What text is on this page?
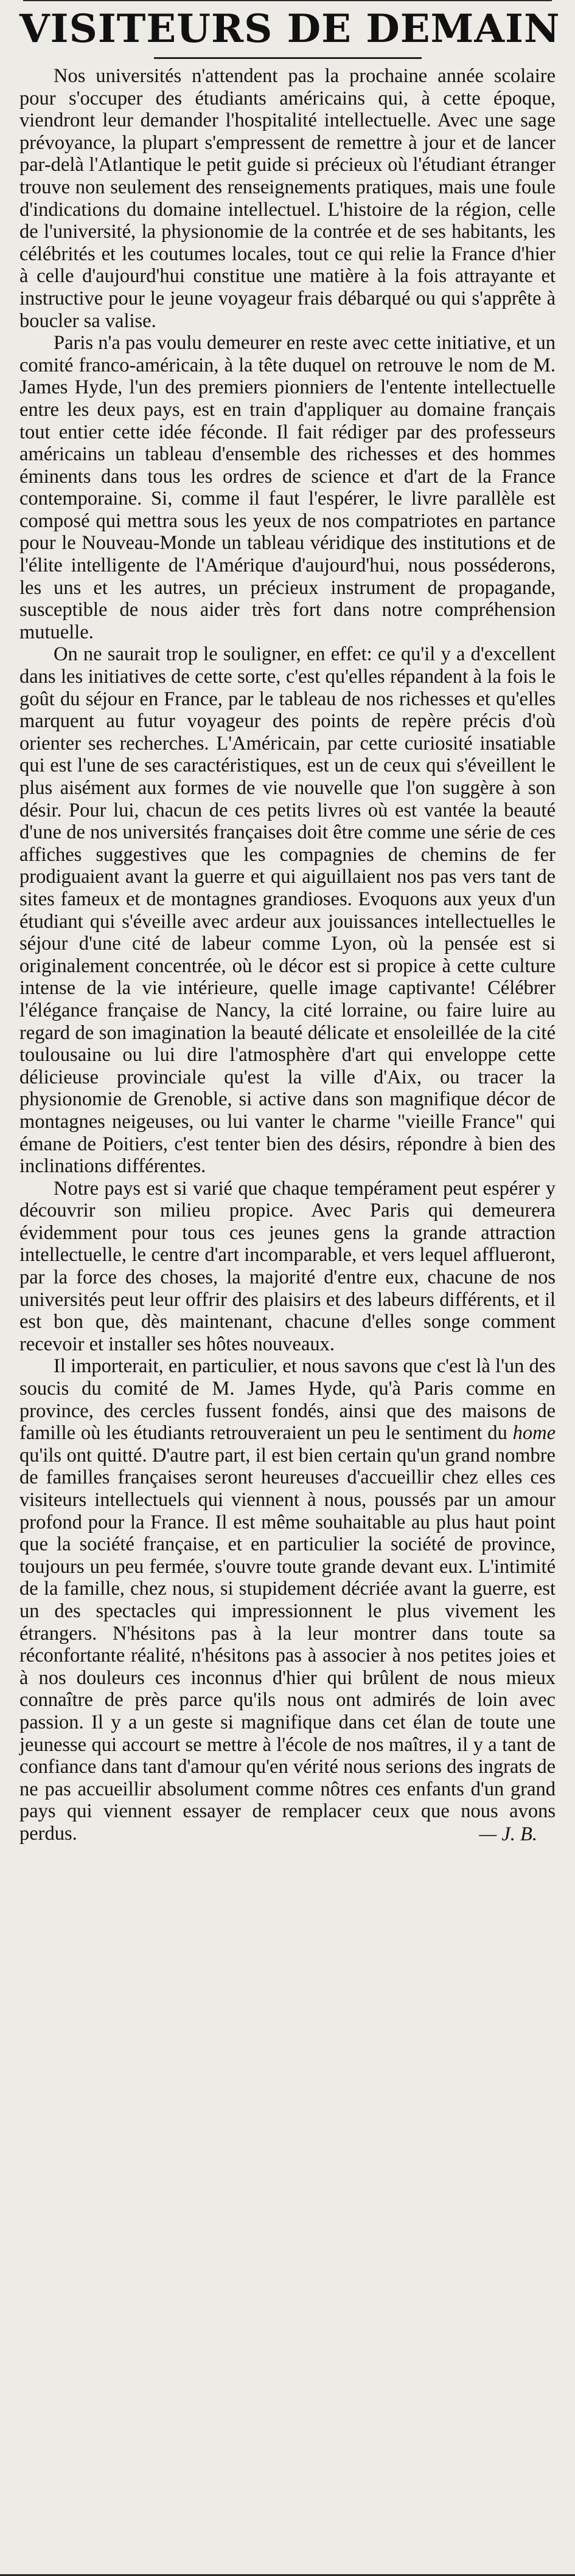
VISITEURS DE DEMAIN

Nos universités n'attendent pas la prochaine année scolaire pour s'occuper des étudiants américains qui, à cette époque, viendront leur demander l'hospitalité intellectuelle. Avec une sage prévoyance, la plupart s'empressent de remettre à jour et de lancer par-delà l'Atlantique le petit guide si précieux où l'étudiant étranger trouve non seulement des renseignements pratiques, mais une foule d'indications du domaine intellectuel. L'histoire de la région, celle de l'université, la physionomie de la contrée et de ses habitants, les célébrités et les coutumes locales, tout ce qui relie la France d'hier à celle d'aujourd'hui constitue une matière à la fois attrayante et instructive pour le jeune voyageur frais débarqué ou qui s'apprête à boucler sa valise.

Paris n'a pas voulu demeurer en reste avec cette initiative, et un comité franco-américain, à la tête duquel on retrouve le nom de M. James Hyde, l'un des premiers pionniers de l'entente intellectuelle entre les deux pays, est en train d'appliquer au domaine français tout entier cette idée féconde. Il fait rédiger par des professeurs américains un tableau d'ensemble des richesses et des hommes éminents dans tous les ordres de science et d'art de la France contemporaine. Si, comme il faut l'espérer, le livre parallèle est composé qui mettra sous les yeux de nos compatriotes en partance pour le Nouveau-Monde un tableau véridique des institutions et de l'élite intelligente de l'Amérique d'aujourd'hui, nous posséderons, les uns et les autres, un précieux instrument de propagande, susceptible de nous aider très fort dans notre compréhension mutuelle.

On ne saurait trop le souligner, en effet: ce qu'il y a d'excellent dans les initiatives de cette sorte, c'est qu'elles répandent à la fois le goût du séjour en France, par le tableau de nos richesses et qu'elles marquent au futur voyageur des points de repère précis d'où orienter ses recherches. L'Américain, par cette curiosité insatiable qui est l'une de ses caractéristiques, est un de ceux qui s'éveillent le plus aisément aux formes de vie nouvelle que l'on suggère à son désir. Pour lui, chacun de ces petits livres où est vantée la beauté d'une de nos universités françaises doit être comme une série de ces affiches suggestives que les compagnies de chemins de fer prodiguaient avant la guerre et qui aiguillaient nos pas vers tant de sites fameux et de montagnes grandioses. Evoquons aux yeux d'un étudiant qui s'éveille avec ardeur aux jouissances intellectuelles le séjour d'une cité de labeur comme Lyon, où la pensée est si originalement concentrée, où le décor est si propice à cette culture intense de la vie intérieure, quelle image captivante! Célébrer l'élégance française de Nancy, la cité lorraine, ou faire luire au regard de son imagination la beauté délicate et ensoleillée de la cité toulousaine ou lui dire l'atmosphère d'art qui enveloppe cette délicieuse provinciale qu'est la ville d'Aix, ou tracer la physionomie de Grenoble, si active dans son magnifique décor de montagnes neigeuses, ou lui vanter le charme "vieille France" qui émane de Poitiers, c'est tenter bien des désirs, répondre à bien des inclinations différentes.

Notre pays est si varié que chaque tempérament peut espérer y découvrir son milieu propice. Avec Paris qui demeurera évidemment pour tous ces jeunes gens la grande attraction intellectuelle, le centre d'art incomparable, et vers lequel afflueront, par la force des choses, la majorité d'entre eux, chacune de nos universités peut leur offrir des plaisirs et des labeurs différents, et il est bon que, dès maintenant, chacune d'elles songe comment recevoir et installer ses hôtes nouveaux.

Il importerait, en particulier, et nous savons que c'est là l'un des soucis du comité de M. James Hyde, qu'à Paris comme en province, des cercles fussent fondés, ainsi que des maisons de famille où les étudiants retrouveraient un peu le sentiment du home qu'ils ont quitté. D'autre part, il est bien certain qu'un grand nombre de familles françaises seront heureuses d'accueillir chez elles ces visiteurs intellectuels qui viennent à nous, poussés par un amour profond pour la France. Il est même souhaitable au plus haut point que la société française, et en particulier la société de province, toujours un peu fermée, s'ouvre toute grande devant eux. L'intimité de la famille, chez nous, si stupidement décriée avant la guerre, est un des spectacles qui impressionnent le plus vivement les étrangers. N'hésitons pas à la leur montrer dans toute sa réconfortante réalité, n'hésitons pas à associer à nos petites joies et à nos douleurs ces inconnus d'hier qui brûlent de nous mieux connaître de près parce qu'ils nous ont admirés de loin avec passion. Il y a un geste si magnifique dans cet élan de toute une jeunesse qui accourt se mettre à l'école de nos maîtres, il y a tant de confiance dans tant d'amour qu'en vérité nous serions des ingrats de ne pas accueillir absolument comme nôtres ces enfants d'un grand pays qui viennent essayer de remplacer ceux que nous avons perdus.	— J. B.
